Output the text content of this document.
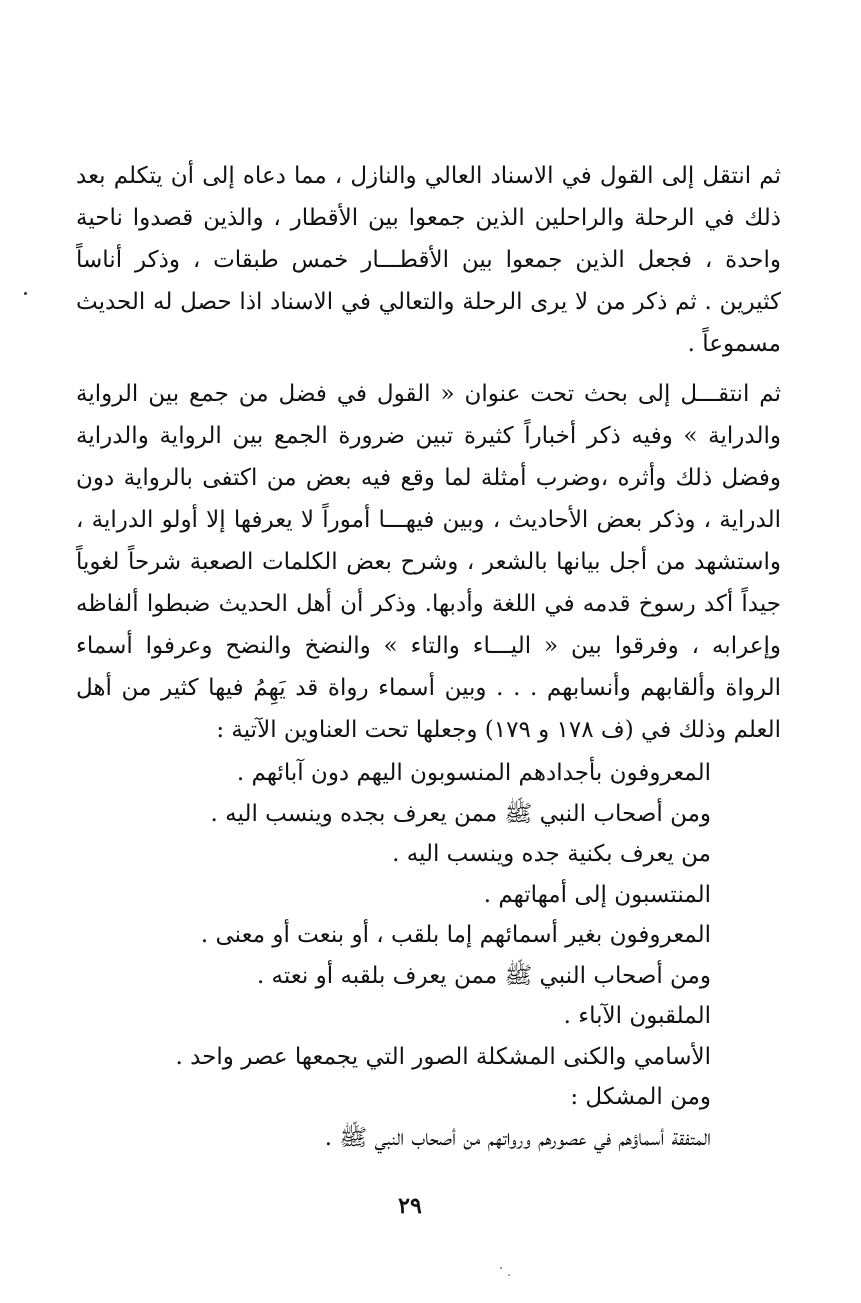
ثم انتقل إلى القول في الاسناد العالي والنازل ، مما دعاه إلى أن يتكلم بعد ذلك في الرحلة والراحلين الذين جمعوا بين الأقطار ، والذين قصدوا ناحية واحدة ، فجعل الذين جمعوا بين الأقطـــار خمس طبقات ، وذكر أناساً كثيرين . ثم ذكر من لا يرى الرحلة والتعالي في الاسناد اذا حصل له الحديث مسموعاً .

ثم انتقـــل إلى بحث تحت عنوان « القول في فضل من جمع بين الرواية والدراية » وفيه ذكر أخباراً كثيرة تبين ضرورة الجمع بين الرواية والدراية وفضل ذلك وأثره ،وضرب أمثلة لما وقع فيه بعض من اكتفى بالرواية دون الدراية ، وذكر بعض الأحاديث ، وبين فيهـــا أموراً لا يعرفها إلا أولو الدراية ، واستشهد من أجل بيانها بالشعر ، وشرح بعض الكلمات الصعبة شرحاً لغوياً جيداً أكد رسوخ قدمه في اللغة وأدبها. وذكر أن أهل الحديث ضبطوا ألفاظه وإعرابه ، وفرقوا بين « اليـــاء والتاء » والنضخ والنضح وعرفوا أسماء الرواة وألقابهم وأنسابهم . . . وبين أسماء رواة قد يَهِمُ فيها كثير من أهل العلم وذلك في (ف ١٧٨ و ١٧٩) وجعلها تحت العناوين الآتية :

المعروفون بأجدادهم المنسوبون اليهم دون آبائهم .
ومن أصحاب النبي ﷺ ممن يعرف بجده وينسب اليه .
من يعرف بكنية جده وينسب اليه .
المنتسبون إلى أمهاتهم .
المعروفون بغير أسمائهم إما بلقب ، أو بنعت أو معنى .
ومن أصحاب النبي ﷺ ممن يعرف بلقبه أو نعته .
الملقبون الآباء .
الأسامي والكنى المشكلة الصور التي يجمعها عصر واحد .
ومن المشكل :
المتفقة أسماؤهم في عصورهم ورواتهم من أصحاب النبي ﷺ .
٢٩
